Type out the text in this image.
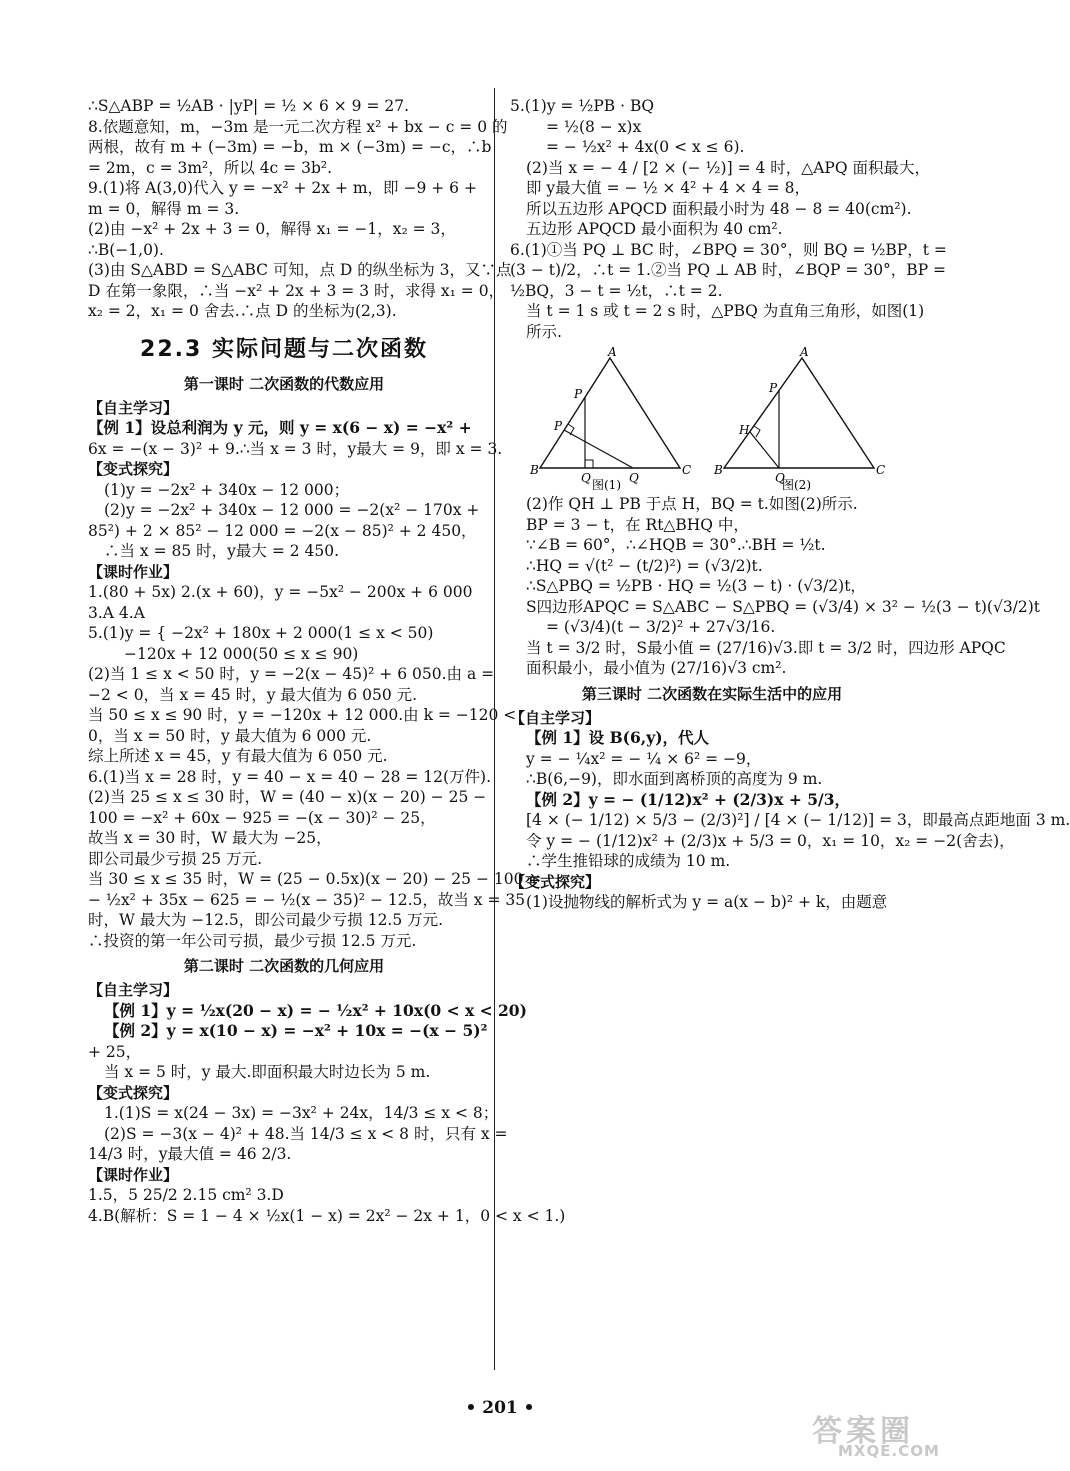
∴S△ABP = ½AB · |yP| = ½ × 6 × 9 = 27.
8.依题意知，m，−3m 是一元二次方程 x² + bx − c = 0 的
两根，故有 m + (−3m) = −b，m × (−3m) = −c，∴b
= 2m，c = 3m²，所以 4c = 3b².
9.(1)将 A(3,0)代入 y = −x² + 2x + m，即 −9 + 6 +
m = 0，解得 m = 3.
(2)由 −x² + 2x + 3 = 0，解得 x₁ = −1，x₂ = 3，
∴B(−1,0).
(3)由 S△ABD = S△ABC 可知，点 D 的纵坐标为 3，又∵点
D 在第一象限，∴当 −x² + 2x + 3 = 3 时，求得 x₁ = 0，
x₂ = 2，x₁ = 0 舍去.∴点 D 的坐标为(2,3).
22.3 实际问题与二次函数
第一课时 二次函数的代数应用
【自主学习】
【例 1】设总利润为 y 元，则 y = x(6 − x) = −x² +
6x = −(x − 3)² + 9.∴当 x = 3 时，y最大 = 9，即 x = 3.
【变式探究】
(1)y = −2x² + 340x − 12 000；
(2)y = −2x² + 340x − 12 000 = −2(x² − 170x +
85²) + 2 × 85² − 12 000 = −2(x − 85)² + 2 450，
∴当 x = 85 时，y最大 = 2 450.
【课时作业】
1.(80 + 5x) 2.(x + 60)，y = −5x² − 200x + 6 000
3.A 4.A
5.(1)y = { −2x² + 180x + 2 000(1 ≤ x < 50)
−120x + 12 000(50 ≤ x ≤ 90)
(2)当 1 ≤ x < 50 时，y = −2(x − 45)² + 6 050.由 a =
−2 < 0，当 x = 45 时，y 最大值为 6 050 元.
当 50 ≤ x ≤ 90 时，y = −120x + 12 000.由 k = −120 <
0，当 x = 50 时，y 最大值为 6 000 元.
综上所述 x = 45，y 有最大值为 6 050 元.
6.(1)当 x = 28 时，y = 40 − x = 40 − 28 = 12(万件).
(2)当 25 ≤ x ≤ 30 时，W = (40 − x)(x − 20) − 25 −
100 = −x² + 60x − 925 = −(x − 30)² − 25，
故当 x = 30 时，W 最大为 −25，
即公司最少亏损 25 万元.
当 30 ≤ x ≤ 35 时，W = (25 − 0.5x)(x − 20) − 25 − 100 =
− ½x² + 35x − 625 = − ½(x − 35)² − 12.5，故当 x = 35
时，W 最大为 −12.5，即公司最少亏损 12.5 万元.
∴投资的第一年公司亏损，最少亏损 12.5 万元.
第二课时 二次函数的几何应用
【自主学习】
【例 1】y = ½x(20 − x) = − ½x² + 10x(0 < x < 20)
【例 2】y = x(10 − x) = −x² + 10x = −(x − 5)²
+ 25，
当 x = 5 时，y 最大.即面积最大时边长为 5 m.
【变式探究】
1.(1)S = x(24 − 3x) = −3x² + 24x，14/3 ≤ x < 8；
(2)S = −3(x − 4)² + 48.当 14/3 ≤ x < 8 时，只有 x =
14/3 时，y最大值 = 46 2/3.
【课时作业】
1.5，5 25/2 2.15 cm² 3.D
4.B(解析：S = 1 − 4 × ½x(1 − x) = 2x² − 2x + 1，0 < x < 1.)
5.(1)y = ½PB · BQ
= ½(8 − x)x
= − ½x² + 4x(0 < x ≤ 6).
(2)当 x = − 4 / [2 × (− ½)] = 4 时，△APQ 面积最大，
即 y最大值 = − ½ × 4² + 4 × 4 = 8，
所以五边形 APQCD 面积最小时为 48 − 8 = 40(cm²).
五边形 APQCD 最小面积为 40 cm².
6.(1)①当 PQ ⊥ BC 时，∠BPQ = 30°，则 BQ = ½BP，t =
(3 − t)/2，∴t = 1.②当 PQ ⊥ AB 时，∠BQP = 30°，BP =
½BQ，3 − t = ½t，∴t = 2.
当 t = 1 s 或 t = 2 s 时，△PBQ 为直角三角形，如图(1)
所示.
A
P
P
B
Q	Q
C
图(1)
A
P
H
B
Q
C
图(2)
(2)作 QH ⊥ PB 于点 H，BQ = t.如图(2)所示.
BP = 3 − t，在 Rt△BHQ 中，
∵∠B = 60°，∴∠HQB = 30°.∴BH = ½t.
∴HQ = √(t² − (t/2)²) = (√3/2)t.
∴S△PBQ = ½PB · HQ = ½(3 − t) · (√3/2)t，
S四边形APQC = S△ABC − S△PBQ = (√3/4) × 3² − ½(3 − t)(√3/2)t
= (√3/4)(t − 3/2)² + 27√3/16.
当 t = 3/2 时，S最小值 = (27/16)√3.即 t = 3/2 时，四边形 APQC
面积最小，最小值为 (27/16)√3 cm².
第三课时 二次函数在实际生活中的应用
【自主学习】
【例 1】设 B(6,y)，代人
y = − ¼x² = − ¼ × 6² = −9，
∴B(6,−9)，即水面到离桥顶的高度为 9 m.
【例 2】y = − (1/12)x² + (2/3)x + 5/3，
[4 × (− 1/12) × 5/3 − (2/3)²] / [4 × (− 1/12)] = 3，即最高点距地面 3 m.
令 y = − (1/12)x² + (2/3)x + 5/3 = 0，x₁ = 10，x₂ = −2(舍去)，
∴学生推铅球的成绩为 10 m.
【变式探究】
(1)设抛物线的解析式为 y = a(x − b)² + k，由题意
• 201 •
答案圈
MXQE.COM
